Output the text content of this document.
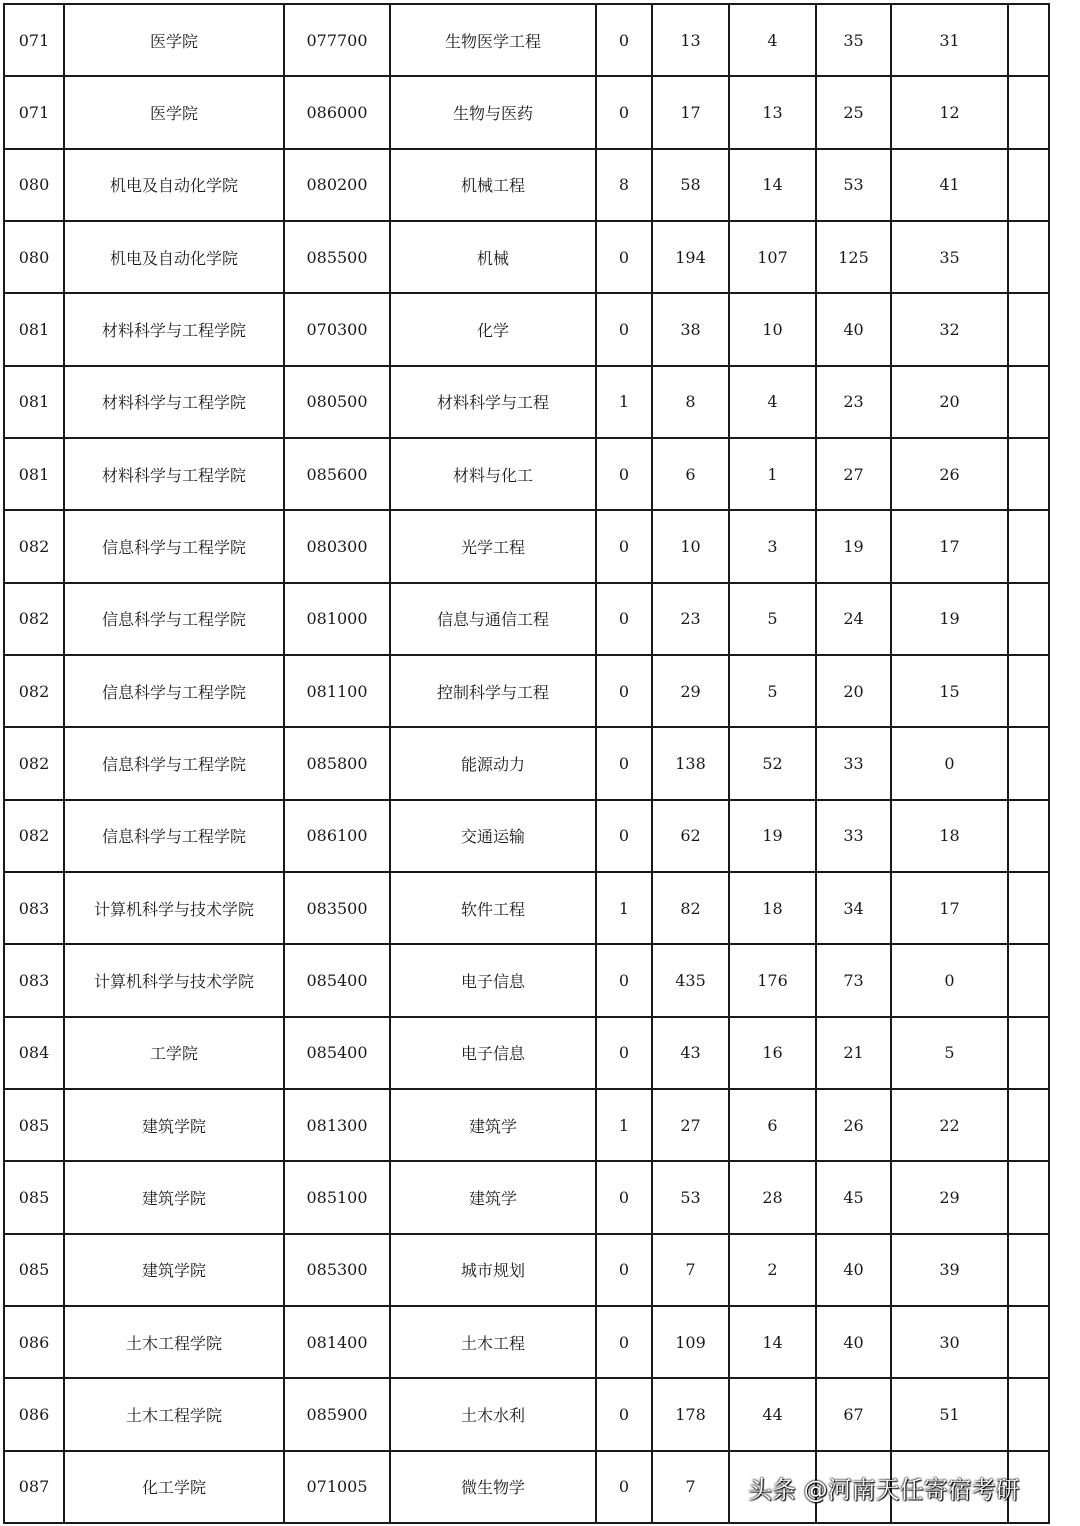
071	医学院	077700	生物医学工程	0	13	4	35	31	
071	医学院	086000	生物与医药	0	17	13	25	12	
080	机电及自动化学院	080200	机械工程	8	58	14	53	41	
080	机电及自动化学院	085500	机械	0	194	107	125	35	
081	材料科学与工程学院	070300	化学	0	38	10	40	32	
081	材料科学与工程学院	080500	材料科学与工程	1	8	4	23	20	
081	材料科学与工程学院	085600	材料与化工	0	6	1	27	26	
082	信息科学与工程学院	080300	光学工程	0	10	3	19	17	
082	信息科学与工程学院	081000	信息与通信工程	0	23	5	24	19	
082	信息科学与工程学院	081100	控制科学与工程	0	29	5	20	15	
082	信息科学与工程学院	085800	能源动力	0	138	52	33	0	
082	信息科学与工程学院	086100	交通运输	0	62	19	33	18	
083	计算机科学与技术学院	083500	软件工程	1	82	18	34	17	
083	计算机科学与技术学院	085400	电子信息	0	435	176	73	0	
084	工学院	085400	电子信息	0	43	16	21	5	
085	建筑学院	081300	建筑学	1	27	6	26	22	
085	建筑学院	085100	建筑学	0	53	28	45	29	
085	建筑学院	085300	城市规划	0	7	2	40	39	
086	土木工程学院	081400	土木工程	0	109	14	40	30	
086	土木工程学院	085900	土木水利	0	178	44	67	51	
087	化工学院	071005	微生物学	0	7				头条 @河南天任寄宿考研
